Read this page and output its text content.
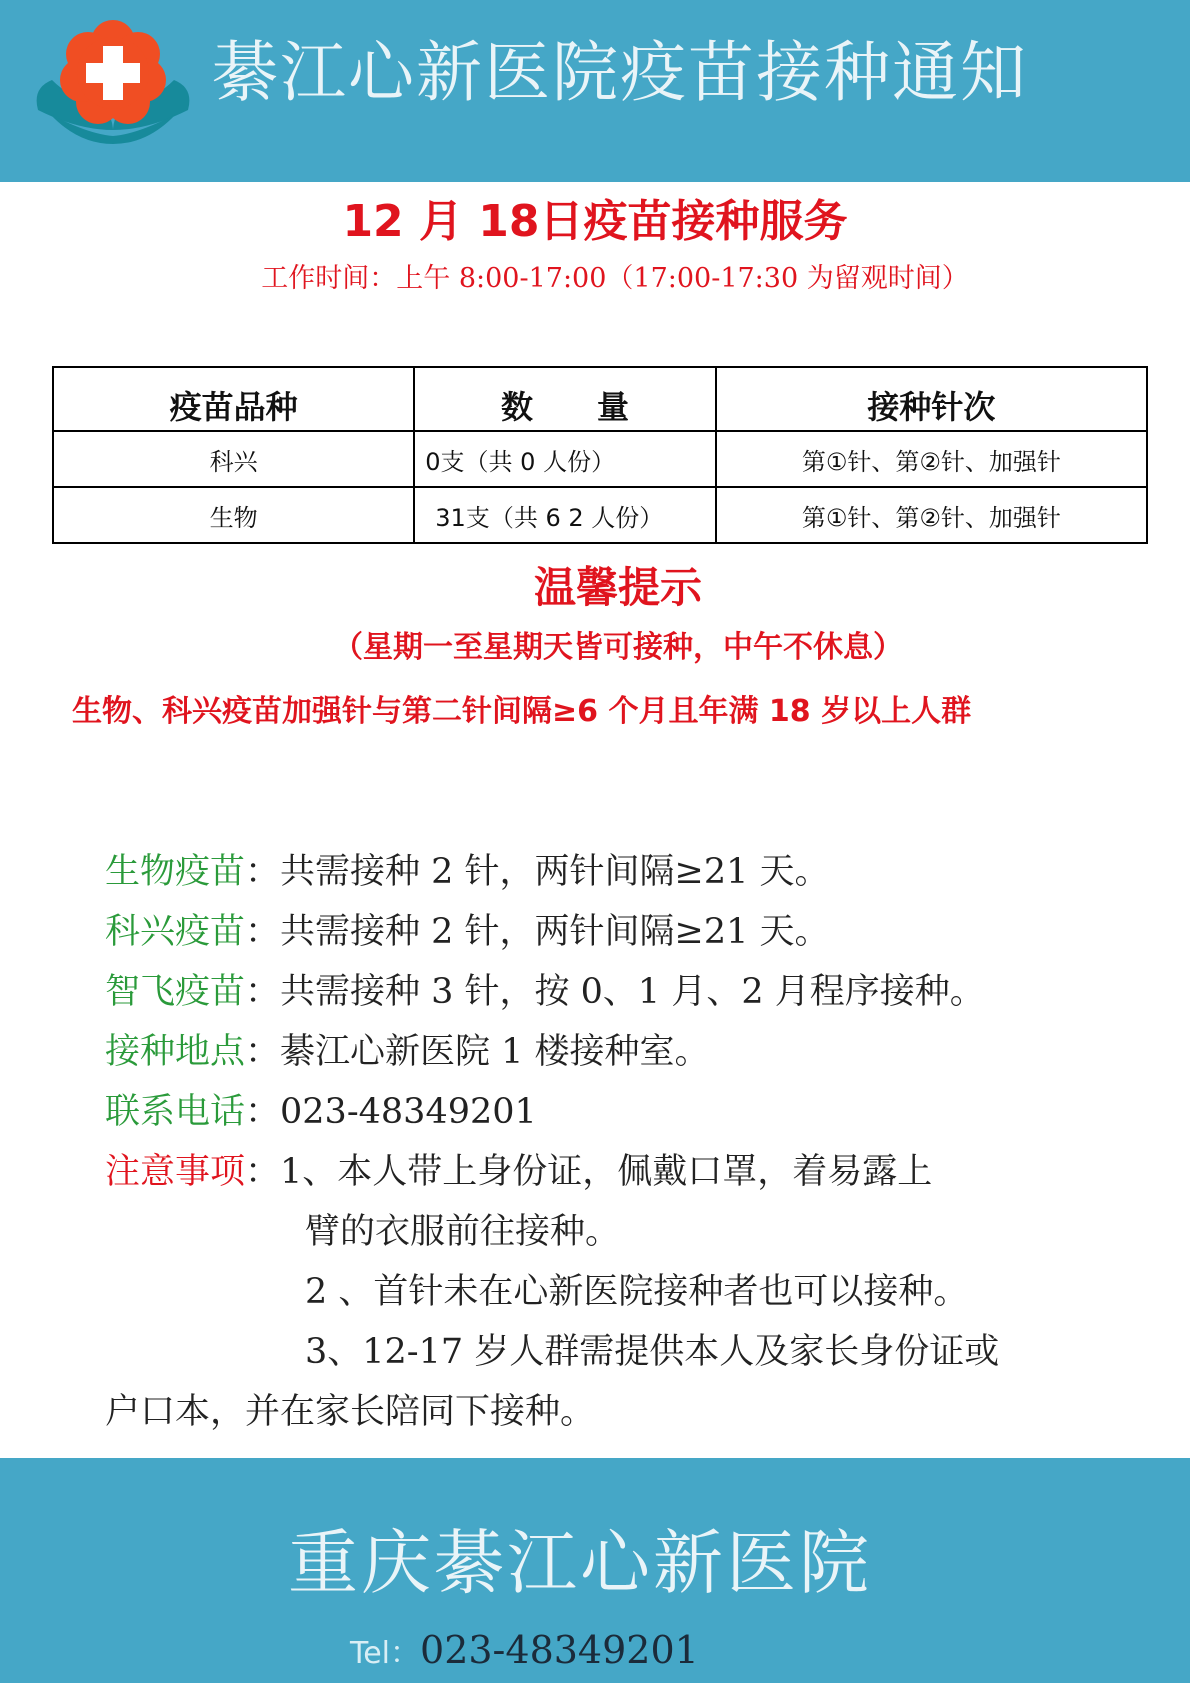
綦江心新医院疫苗接种通知
12 月 18日疫苗接种服务
工作时间：上午 8:00-17:00（17:00-17:30 为留观时间）
疫苗品种	数　　量	接种针次
科兴	0支（共 0 人份）	第①针、第②针、加强针
生物	31支（共 6 2 人份）	第①针、第②针、加强针
温馨提示
（星期一至星期天皆可接种，中午不休息）
生物、科兴疫苗加强针与第二针间隔≥6 个月且年满 18 岁以上人群
生物疫苗：共需接种 2 针，两针间隔≥21 天。
科兴疫苗：共需接种 2 针，两针间隔≥21 天。
智飞疫苗：共需接种 3 针，按 0、1 月、2 月程序接种。
接种地点：綦江心新医院 1 楼接种室。
联系电话：023-48349201
注意事项：1、本人带上身份证，佩戴口罩，着易露上
臂的衣服前往接种。
2 、首针未在心新医院接种者也可以接种。
3、12-17 岁人群需提供本人及家长身份证或
户口本，并在家长陪同下接种。
重庆綦江心新医院
Tel：023-48349201
